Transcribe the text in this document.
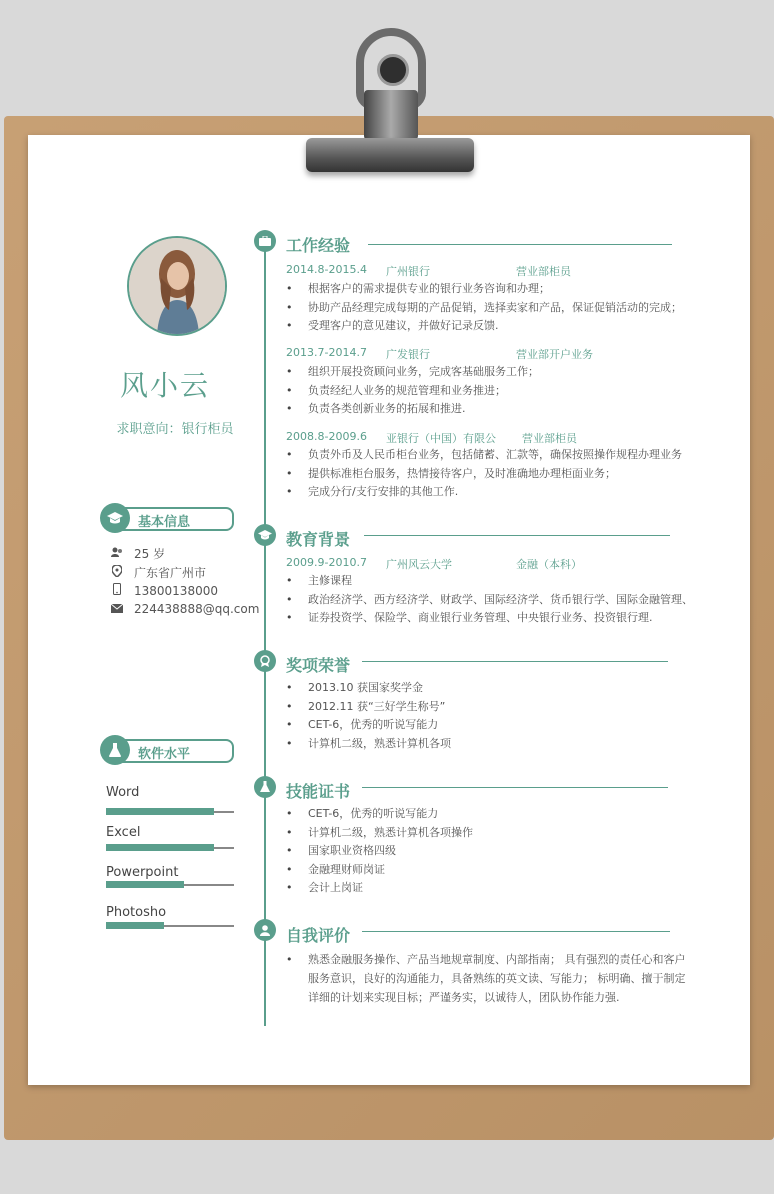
风小云
求职意向：银行柜员
基本信息
25 岁
广东省广州市
13800138000
224438888@qq.com
软件水平
Word
Excel
Powerpoint
Photosho
工作经验
2014.8-2015.4 广州银行	营业部柜员
• 根据客户的需求提供专业的银行业务咨询和办理；
• 协助产品经理完成每期的产品促销，选择卖家和产品，保证促销活动的完成；
• 受理客户的意见建议，并做好记录反馈.
2013.7-2014.7 广发银行	营业部开户业务
• 组织开展投资顾问业务，完成客基础服务工作；
• 负责经纪人业务的规范管理和业务推进；
• 负责各类创新业务的拓展和推进.
2008.8-2009.6 亚银行（中国）有限公 营业部柜员
• 负责外币及人民币柜台业务，包括储蓄、汇款等，确保按照操作规程办理业务
• 提供标准柜台服务，热情接待客户，及时准确地办理柜面业务；
• 完成分行/支行安排的其他工作.
教育背景
2009.9-2010.7 广州风云大学	金融（本科）
• 主修课程
• 政治经济学、西方经济学、财政学、国际经济学、货币银行学、国际金融管理、
• 证券投资学、保险学、商业银行业务管理、中央银行业务、投资银行理.
奖项荣誉
• 2013.10 获国家奖学金
• 2012.11 获“三好学生称号”
• CET-6，优秀的听说写能力
• 计算机二级，熟悉计算机各项
技能证书
• CET-6，优秀的听说写能力
• 计算机二级，熟悉计算机各项操作
• 国家职业资格四级
• 金融理财师岗证
• 会计上岗证
自我评价
• 熟悉金融服务操作、产品当地规章制度、内部指南； 具有强烈的责任心和客户
服务意识，良好的沟通能力，具备熟练的英文读、写能力； 标明确、擅于制定
详细的计划来实现目标；严谨务实，以诚待人，团队协作能力强.
